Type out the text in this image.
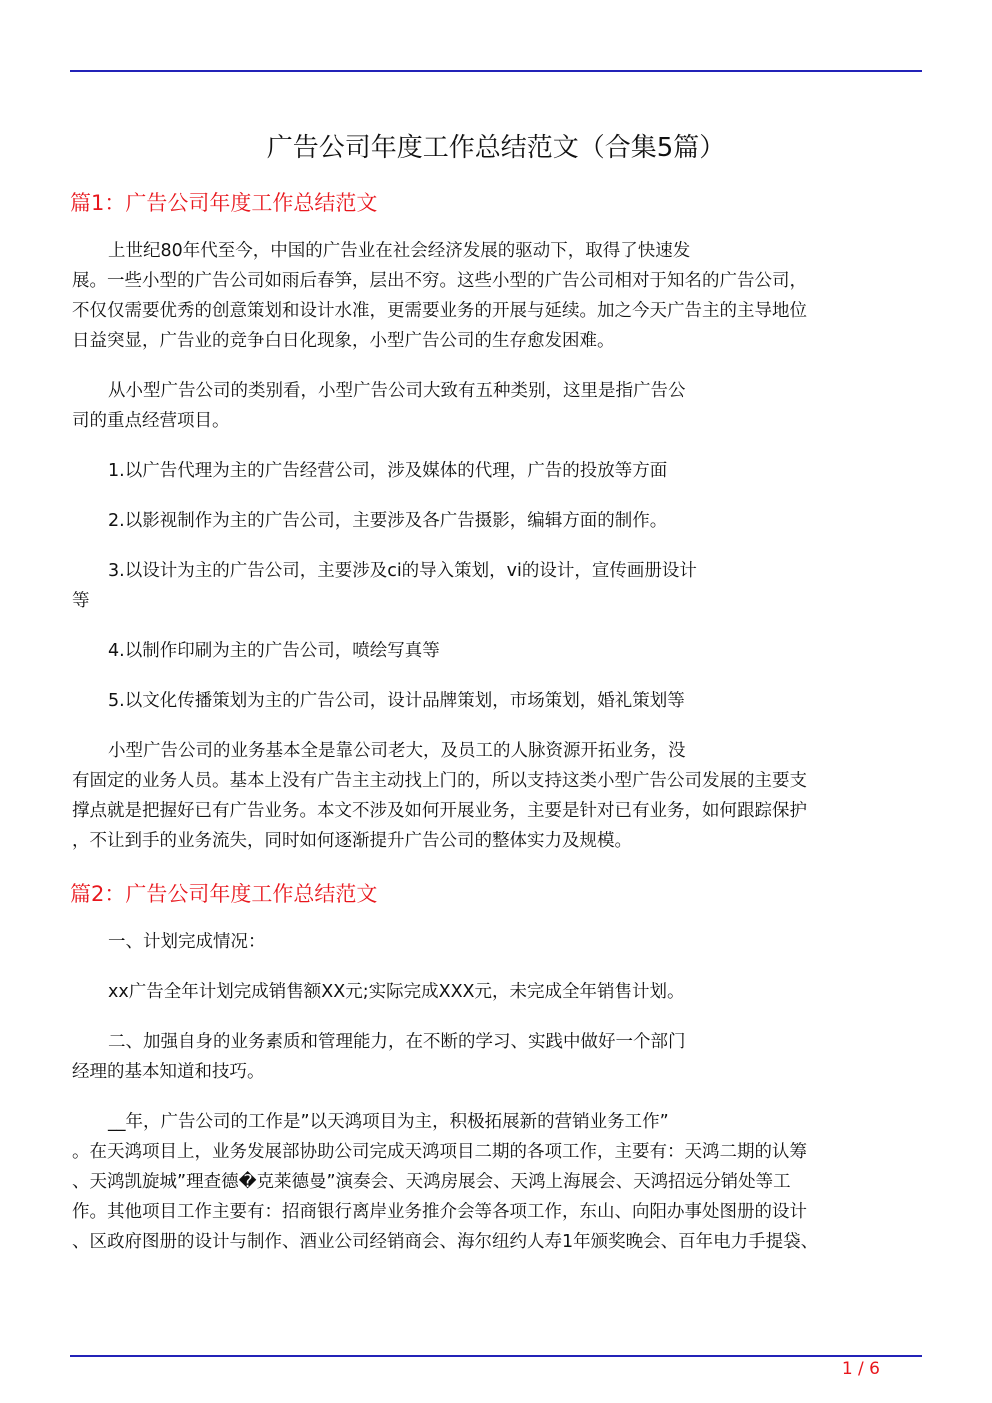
广告公司年度工作总结范文（合集5篇）
篇1：广告公司年度工作总结范文
上世纪80年代至今，中国的广告业在社会经济发展的驱动下，取得了快速发
展。一些小型的广告公司如雨后春笋，层出不穷。这些小型的广告公司相对于知名的广告公司，
不仅仅需要优秀的创意策划和设计水准，更需要业务的开展与延续。加之今天广告主的主导地位
日益突显，广告业的竞争白日化现象，小型广告公司的生存愈发困难。
从小型广告公司的类别看，小型广告公司大致有五种类别，这里是指广告公
司的重点经营项目。
1.以广告代理为主的广告经营公司，涉及媒体的代理，广告的投放等方面
2.以影视制作为主的广告公司，主要涉及各广告摄影，编辑方面的制作。
3.以设计为主的广告公司，主要涉及ci的导入策划，vi的设计，宣传画册设计
等
4.以制作印刷为主的广告公司，喷绘写真等
5.以文化传播策划为主的广告公司，设计品牌策划，市场策划，婚礼策划等
小型广告公司的业务基本全是靠公司老大，及员工的人脉资源开拓业务，没
有固定的业务人员。基本上没有广告主主动找上门的，所以支持这类小型广告公司发展的主要支
撑点就是把握好已有广告业务。本文不涉及如何开展业务，主要是针对已有业务，如何跟踪保护
，不让到手的业务流失，同时如何逐渐提升广告公司的整体实力及规模。
篇2：广告公司年度工作总结范文
一、计划完成情况：
xx广告全年计划完成销售额XX元;实际完成XXX元，未完成全年销售计划。
二、加强自身的业务素质和管理能力，在不断的学习、实践中做好一个部门
经理的基本知道和技巧。
__年，广告公司的工作是”以天鸿项目为主，积极拓展新的营销业务工作”
。在天鸿项目上，业务发展部协助公司完成天鸿项目二期的各项工作，主要有：天鸿二期的认筹
、天鸿凯旋城”理查德�克莱德曼”演奏会、天鸿房展会、天鸿上海展会、天鸿招远分销处等工
作。其他项目工作主要有：招商银行离岸业务推介会等各项工作，东山、向阳办事处图册的设计
、区政府图册的设计与制作、酒业公司经销商会、海尔纽约人寿1年颁奖晚会、百年电力手提袋、
1 / 6
